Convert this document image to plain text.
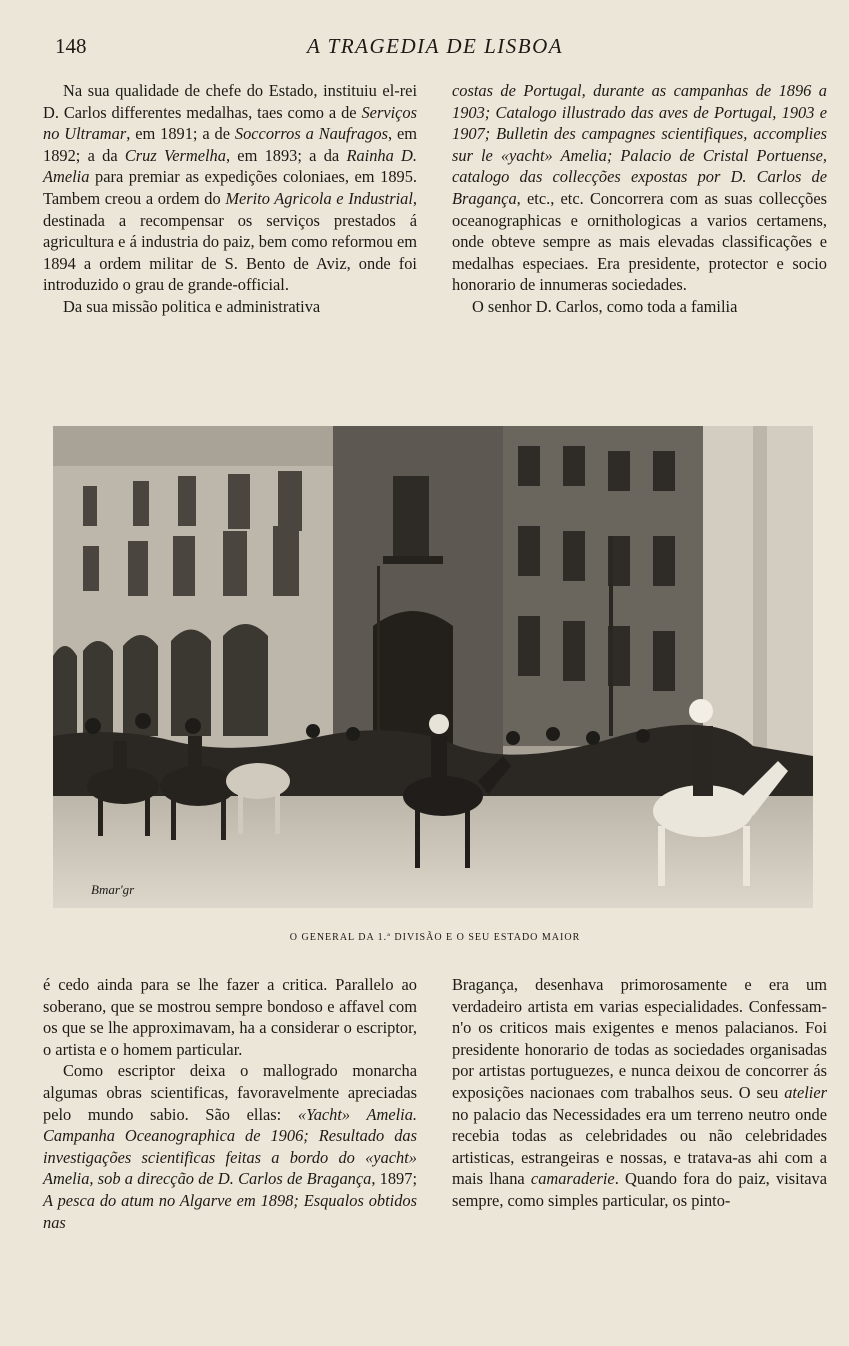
148	A TRAGEDIA DE LISBOA

Na sua qualidade de chefe do Estado, instituiu el-rei D. Carlos differentes medalhas, taes como a de Serviços no Ultramar, em 1891; a de Soccorros a Naufragos, em 1892; a da Cruz Vermelha, em 1893; a da Rainha D. Amelia para premiar as expedições coloniaes, em 1895. Tambem creou a ordem do Merito Agricola e Industrial, destinada a recompensar os serviços prestados á agricultura e á industria do paiz, bem como reformou em 1894 a ordem militar de S. Bento de Aviz, onde foi introduzido o grau de grande-official.

Da sua missão politica e administrativa

costas de Portugal, durante as campanhas de 1896 a 1903; Catalogo illustrado das aves de Portugal, 1903 e 1907; Bulletin des campagnes scientifiques, accomplies sur le «yacht» Amelia; Palacio de Cristal Portuense, catalogo das collecções expostas por D. Carlos de Bragança, etc., etc. Concorrera com as suas collecções oceanographicas e ornithologicas a varios certamens, onde obteve sempre as mais elevadas classificações e medalhas especiaes. Era presidente, protector e socio honorario de innumeras sociedades.

O senhor D. Carlos, como toda a familia

Bmar'gr
O GENERAL DA 1.ª DIVISÃO E O SEU ESTADO MAIOR

é cedo ainda para se lhe fazer a critica. Parallelo ao soberano, que se mostrou sempre bondoso e affavel com os que se lhe approximavam, ha a considerar o escriptor, o artista e o homem particular.

Como escriptor deixa o mallogrado monarcha algumas obras scientificas, favoravelmente apreciadas pelo mundo sabio. São ellas: «Yacht» Amelia. Campanha Oceanographica de 1906; Resultado das investigações scientificas feitas a bordo do «yacht» Amelia, sob a direcção de D. Carlos de Bragança, 1897; A pesca do atum no Algarve em 1898; Esqualos obtidos nas

Bragança, desenhava primorosamente e era um verdadeiro artista em varias especialidades. Confessam-n'o os criticos mais exigentes e menos palacianos. Foi presidente honorario de todas as sociedades organisadas por artistas portuguezes, e nunca deixou de concorrer ás exposições nacionaes com trabalhos seus. O seu atelier no palacio das Necessidades era um terreno neutro onde recebia todas as celebridades ou não celebridades artisticas, estrangeiras e nossas, e tratava-as ahi com a mais lhana camaraderie. Quando fora do paiz, visitava sempre, como simples particular, os pinto-
